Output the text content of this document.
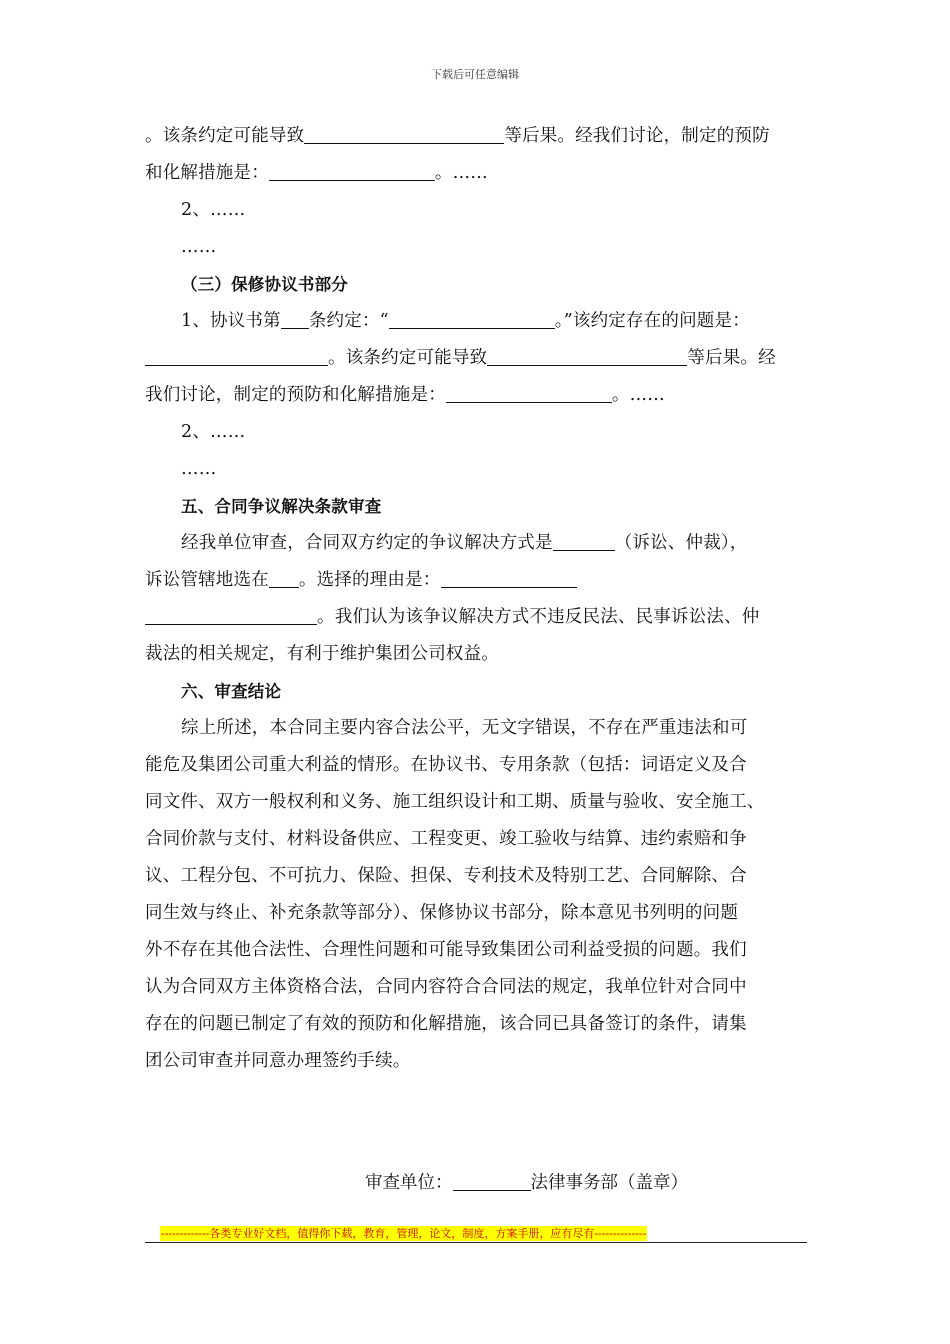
下载后可任意编辑
。该条约定可能导致	等后果。经我们讨论，制定的预防
和化解措施是：	。……
2、……
……
（三）保修协议书部分
1、协议书第 条约定：“	。”该约定存在的问题是：
。该条约定可能导致	等后果。经
我们讨论，制定的预防和化解措施是：	。……
2、……
……
五、合同争议解决条款审查
经我单位审查，合同双方约定的争议解决方式是	（诉讼、仲裁），
诉讼管辖地选在 。选择的理由是：
。我们认为该争议解决方式不违反民法、民事诉讼法、仲
裁法的相关规定，有利于维护集团公司权益。
六、审查结论
综上所述，本合同主要内容合法公平，无文字错误，不存在严重违法和可
能危及集团公司重大利益的情形。在协议书、专用条款（包括：词语定义及合
同文件、双方一般权利和义务、施工组织设计和工期、质量与验收、安全施工、
合同价款与支付、材料设备供应、工程变更、竣工验收与结算、违约索赔和争
议、工程分包、不可抗力、保险、担保、专利技术及特别工艺、合同解除、合
同生效与终止、补充条款等部分）、保修协议书部分，除本意见书列明的问题
外不存在其他合法性、合理性问题和可能导致集团公司利益受损的问题。我们
认为合同双方主体资格合法，合同内容符合合同法的规定，我单位针对合同中
存在的问题已制定了有效的预防和化解措施，该合同已具备签订的条件，请集
团公司审查并同意办理签约手续。
审查单位：	法律事务部（盖章）
-------------各类专业好文档，值得你下载，教育，管理，论文，制度，方案手册，应有尽有--------------
